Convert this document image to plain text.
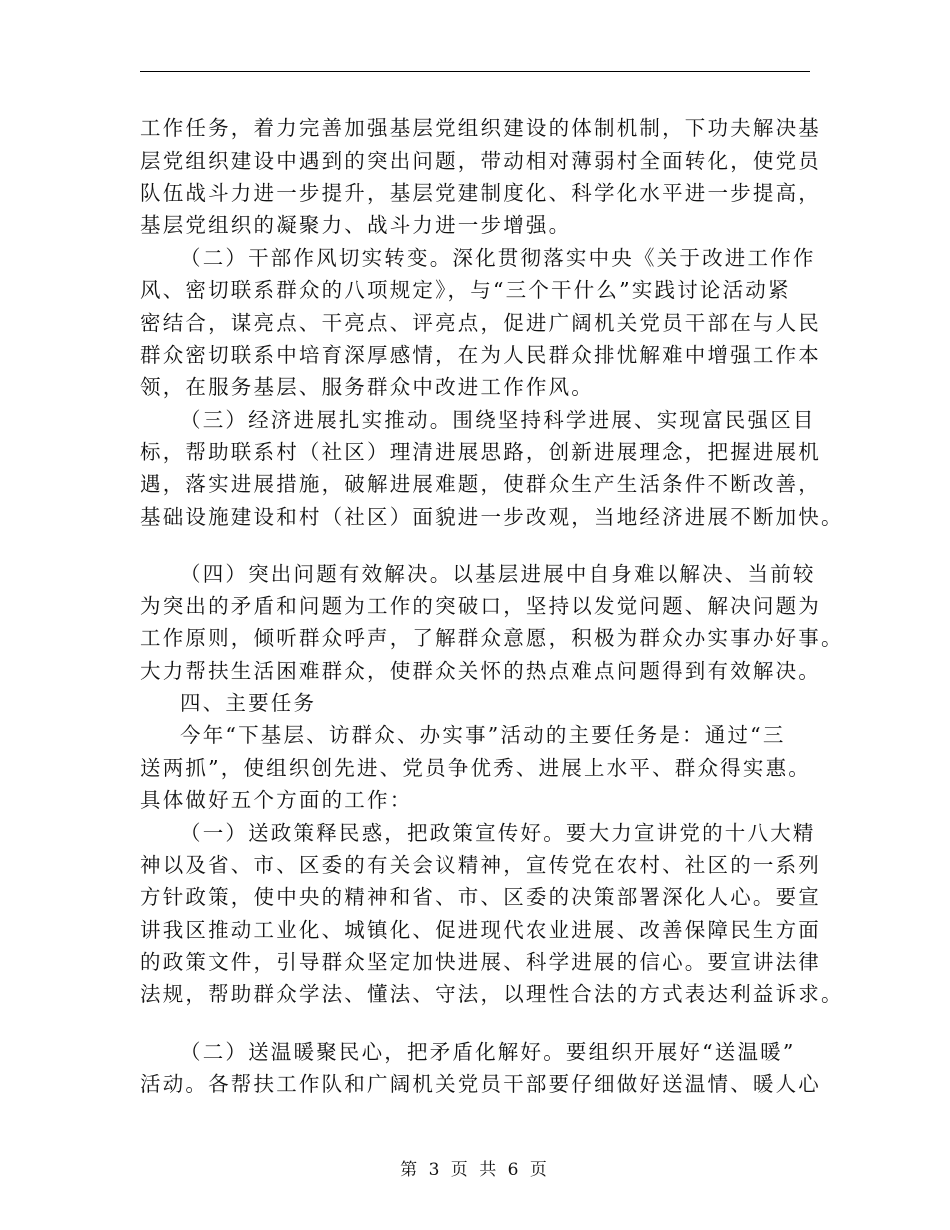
工作任务，着力完善加强基层党组织建设的体制机制，下功夫解决基
层党组织建设中遇到的突出问题，带动相对薄弱村全面转化，使党员
队伍战斗力进一步提升，基层党建制度化、科学化水平进一步提高，
基层党组织的凝聚力、战斗力进一步增强。
（二）干部作风切实转变。深化贯彻落实中央《关于改进工作作
风、密切联系群众的八项规定》，与“三个干什么”实践讨论活动紧
密结合，谋亮点、干亮点、评亮点，促进广阔机关党员干部在与人民
群众密切联系中培育深厚感情，在为人民群众排忧解难中增强工作本
领，在服务基层、服务群众中改进工作作风。
（三）经济进展扎实推动。围绕坚持科学进展、实现富民强区目
标，帮助联系村（社区）理清进展思路，创新进展理念，把握进展机
遇，落实进展措施，破解进展难题，使群众生产生活条件不断改善，
基础设施建设和村（社区）面貌进一步改观，当地经济进展不断加快。
（四）突出问题有效解决。以基层进展中自身难以解决、当前较
为突出的矛盾和问题为工作的突破口，坚持以发觉问题、解决问题为
工作原则，倾听群众呼声，了解群众意愿，积极为群众办实事办好事。
大力帮扶生活困难群众，使群众关怀的热点难点问题得到有效解决。
四、主要任务
今年“下基层、访群众、办实事”活动的主要任务是：通过“三
送两抓”，使组织创先进、党员争优秀、进展上水平、群众得实惠。
具体做好五个方面的工作：
（一）送政策释民惑，把政策宣传好。要大力宣讲党的十八大精
神以及省、市、区委的有关会议精神，宣传党在农村、社区的一系列
方针政策，使中央的精神和省、市、区委的决策部署深化人心。要宣
讲我区推动工业化、城镇化、促进现代农业进展、改善保障民生方面
的政策文件，引导群众坚定加快进展、科学进展的信心。要宣讲法律
法规，帮助群众学法、懂法、守法，以理性合法的方式表达利益诉求。
（二）送温暖聚民心，把矛盾化解好。要组织开展好“送温暖”
活动。各帮扶工作队和广阔机关党员干部要仔细做好送温情、暖人心
第 3 页 共 6 页
